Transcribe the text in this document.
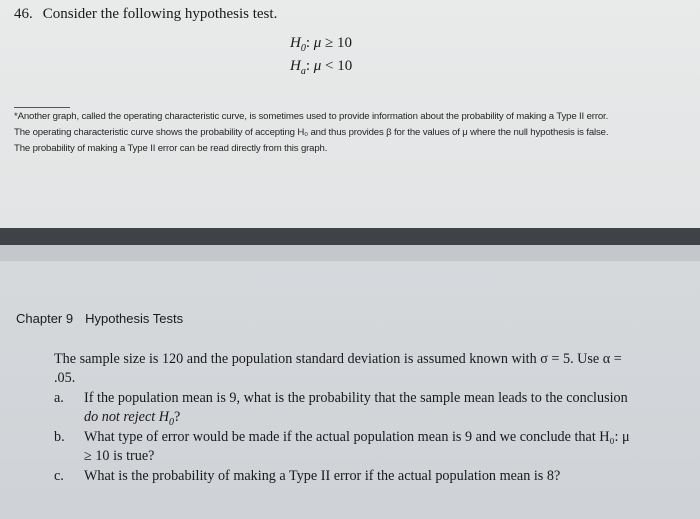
46. Consider the following hypothesis test.
$H_0$: μ ≥ 10
$H_a$: μ < 10
*Another graph, called the operating characteristic curve, is sometimes used to provide information about the probability of making a Type II error. The operating characteristic curve shows the probability of accepting H₀ and thus provides β for the values of μ where the null hypothesis is false. The probability of making a Type II error can be read directly from this graph.
Chapter 9 Hypothesis Tests
The sample size is 120 and the population standard deviation is assumed known with σ = 5. Use α = .05.
a.	If the population mean is 9, what is the probability that the sample mean leads to the conclusion do not reject $H_0$?
b.	What type of error would be made if the actual population mean is 9 and we conclude that H₀: μ ≥ 10 is true?
c.	What is the probability of making a Type II error if the actual population mean is 8?
